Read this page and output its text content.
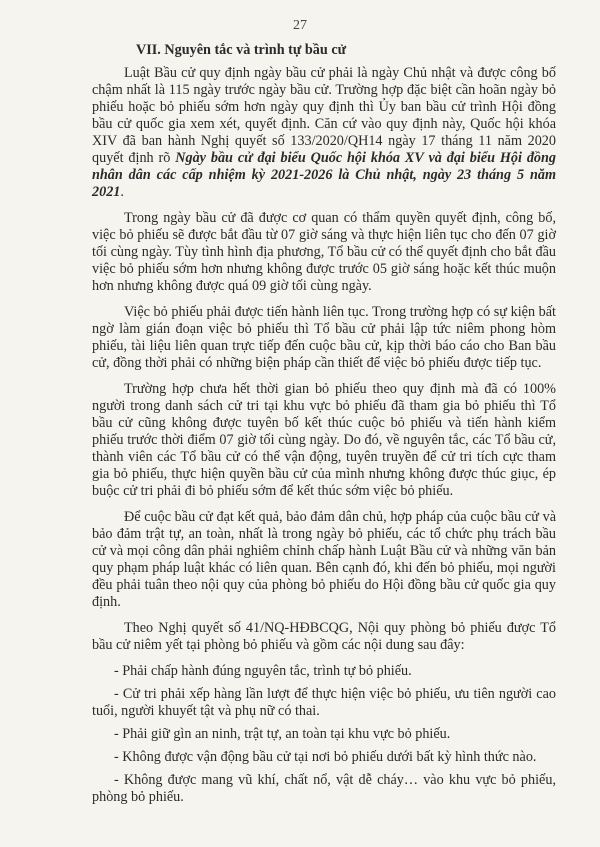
27
VII. Nguyên tắc và trình tự bầu cử

Luật Bầu cử quy định ngày bầu cử phải là ngày Chủ nhật và được công bố chậm nhất là 115 ngày trước ngày bầu cử. Trường hợp đặc biệt cần hoãn ngày bỏ phiếu hoặc bỏ phiếu sớm hơn ngày quy định thì Ủy ban bầu cử trình Hội đồng bầu cử quốc gia xem xét, quyết định. Căn cứ vào quy định này, Quốc hội khóa XIV đã ban hành Nghị quyết số 133/2020/QH14 ngày 17 tháng 11 năm 2020 quyết định rõ Ngày bầu cử đại biểu Quốc hội khóa XV và đại biểu Hội đồng nhân dân các cấp nhiệm kỳ 2021-2026 là Chủ nhật, ngày 23 tháng 5 năm 2021.

Trong ngày bầu cử đã được cơ quan có thẩm quyền quyết định, công bố, việc bỏ phiếu sẽ được bắt đầu từ 07 giờ sáng và thực hiện liên tục cho đến 07 giờ tối cùng ngày. Tùy tình hình địa phương, Tổ bầu cử có thể quyết định cho bắt đầu việc bỏ phiếu sớm hơn nhưng không được trước 05 giờ sáng hoặc kết thúc muộn hơn nhưng không được quá 09 giờ tối cùng ngày.

Việc bỏ phiếu phải được tiến hành liên tục. Trong trường hợp có sự kiện bất ngờ làm gián đoạn việc bỏ phiếu thì Tổ bầu cử phải lập tức niêm phong hòm phiếu, tài liệu liên quan trực tiếp đến cuộc bầu cử, kịp thời báo cáo cho Ban bầu cử, đồng thời phải có những biện pháp cần thiết để việc bỏ phiếu được tiếp tục.

Trường hợp chưa hết thời gian bỏ phiếu theo quy định mà đã có 100% người trong danh sách cử tri tại khu vực bỏ phiếu đã tham gia bỏ phiếu thì Tổ bầu cử cũng không được tuyên bố kết thúc cuộc bỏ phiếu và tiến hành kiểm phiếu trước thời điểm 07 giờ tối cùng ngày. Do đó, về nguyên tắc, các Tổ bầu cử, thành viên các Tổ bầu cử có thể vận động, tuyên truyền để cử tri tích cực tham gia bỏ phiếu, thực hiện quyền bầu cử của mình nhưng không được thúc giục, ép buộc cử tri phải đi bỏ phiếu sớm để kết thúc sớm việc bỏ phiếu.

Để cuộc bầu cử đạt kết quả, bảo đảm dân chủ, hợp pháp của cuộc bầu cử và bảo đảm trật tự, an toàn, nhất là trong ngày bỏ phiếu, các tổ chức phụ trách bầu cử và mọi công dân phải nghiêm chỉnh chấp hành Luật Bầu cử và những văn bản quy phạm pháp luật khác có liên quan. Bên cạnh đó, khi đến bỏ phiếu, mọi người đều phải tuân theo nội quy của phòng bỏ phiếu do Hội đồng bầu cử quốc gia quy định.

Theo Nghị quyết số 41/NQ-HĐBCQG, Nội quy phòng bỏ phiếu được Tổ bầu cử niêm yết tại phòng bỏ phiếu và gồm các nội dung sau đây:

- Phải chấp hành đúng nguyên tắc, trình tự bỏ phiếu.

- Cử tri phải xếp hàng lần lượt để thực hiện việc bỏ phiếu, ưu tiên người cao tuổi, người khuyết tật và phụ nữ có thai.

- Phải giữ gìn an ninh, trật tự, an toàn tại khu vực bỏ phiếu.

- Không được vận động bầu cử tại nơi bỏ phiếu dưới bất kỳ hình thức nào.

- Không được mang vũ khí, chất nổ, vật dễ cháy… vào khu vực bỏ phiếu, phòng bỏ phiếu.
